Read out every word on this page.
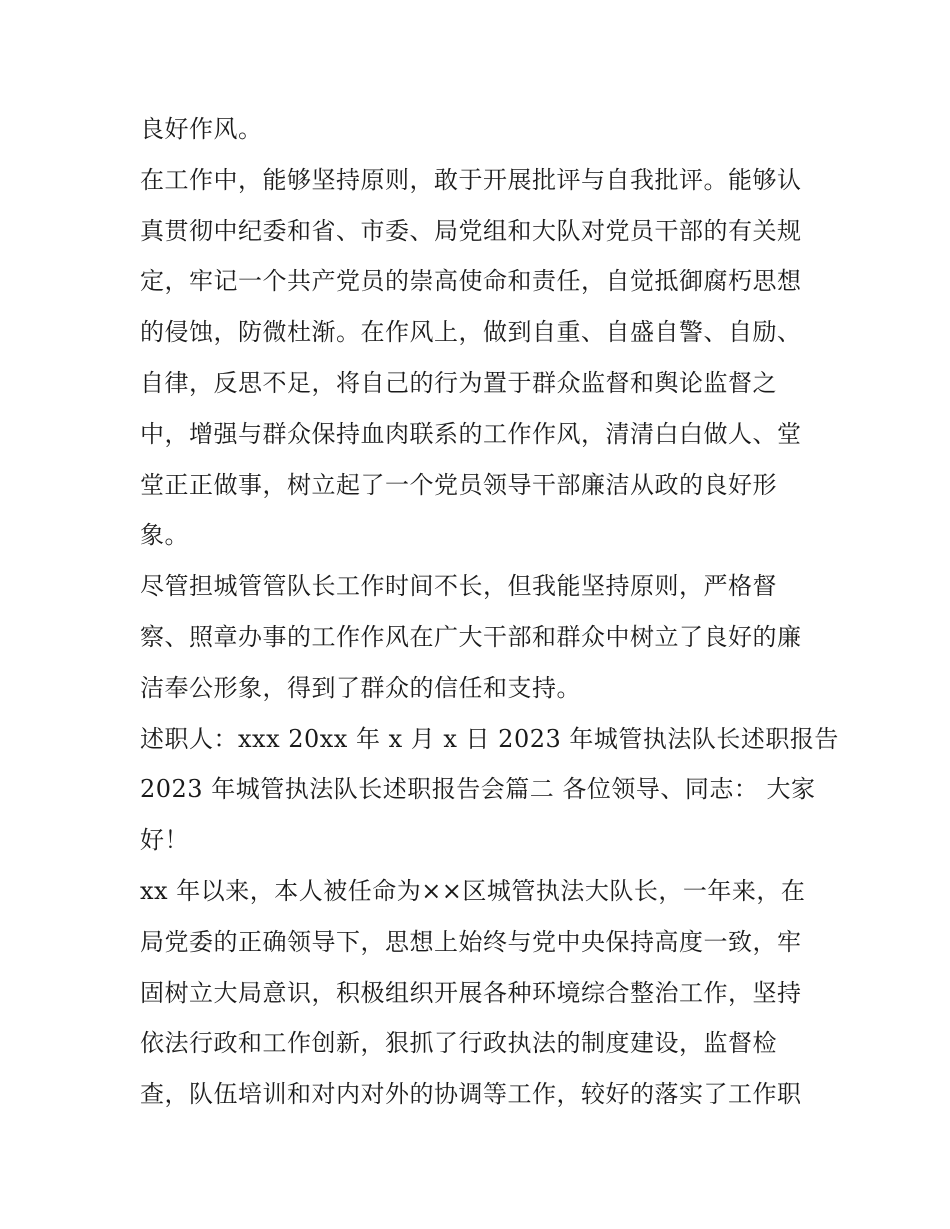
良好作风。
在工作中，能够坚持原则，敢于开展批评与自我批评。能够认
真贯彻中纪委和省、市委、局党组和大队对党员干部的有关规
定，牢记一个共产党员的崇高使命和责任，自觉抵御腐朽思想
的侵蚀，防微杜渐。在作风上，做到自重、自盛自警、自励、
自律，反思不足，将自己的行为置于群众监督和舆论监督之
中，增强与群众保持血肉联系的工作作风，清清白白做人、堂
堂正正做事，树立起了一个党员领导干部廉洁从政的良好形
象。
尽管担城管管队长工作时间不长，但我能坚持原则，严格督
察、照章办事的工作作风在广大干部和群众中树立了良好的廉
洁奉公形象，得到了群众的信任和支持。
述职人：xxx 20xx 年 x 月 x 日 2023 年城管执法队长述职报告
2023 年城管执法队长述职报告会篇二 各位领导、同志： 大家
好！
xx 年以来，本人被任命为××区城管执法大队长，一年来，在
局党委的正确领导下，思想上始终与党中央保持高度一致，牢
固树立大局意识，积极组织开展各种环境综合整治工作，坚持
依法行政和工作创新，狠抓了行政执法的制度建设，监督检
查，队伍培训和对内对外的协调等工作，较好的落实了工作职
